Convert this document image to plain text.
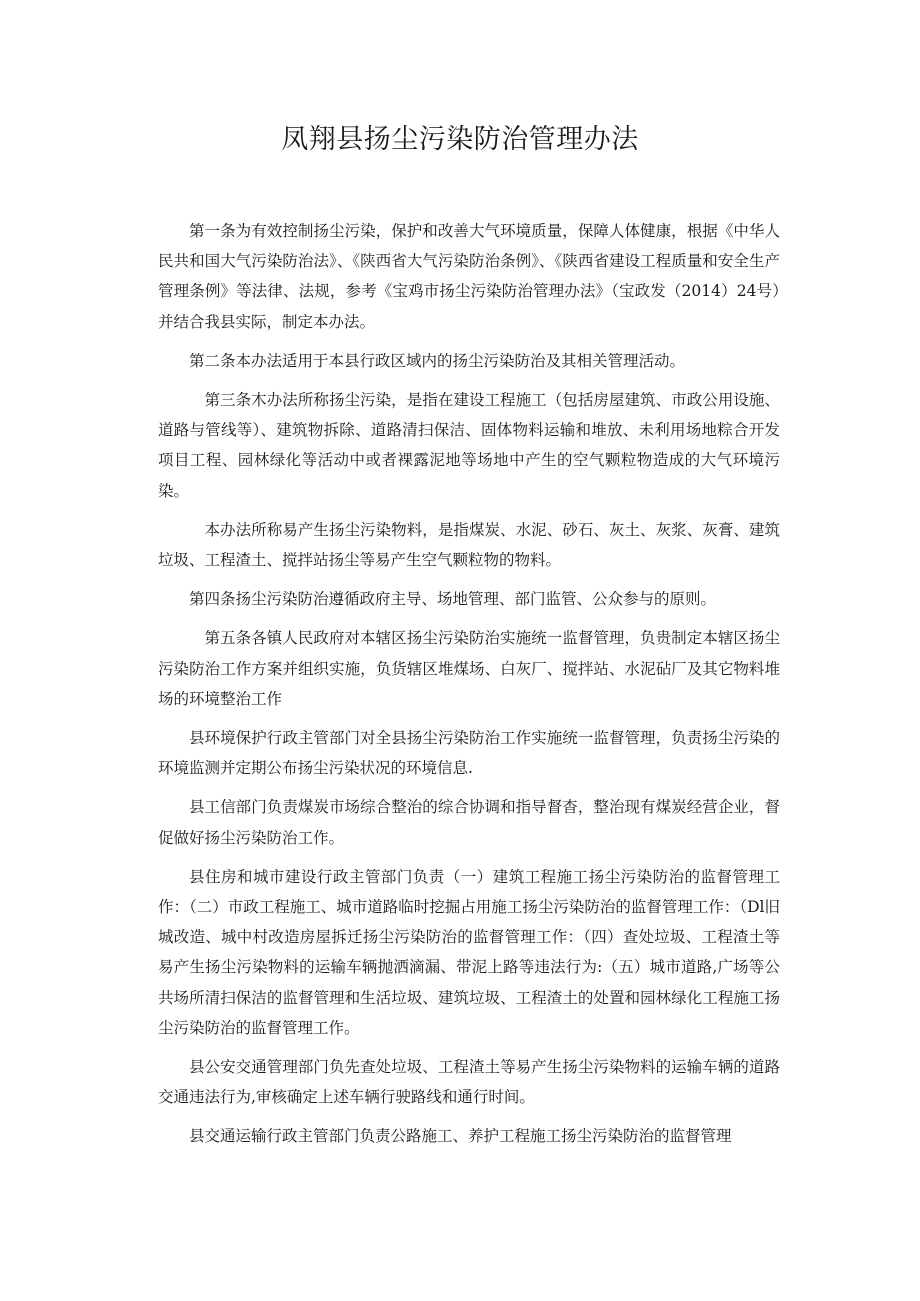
凤翔县扬尘污染防治管理办法

第一条为有效控制扬尘污染，保护和改善大气环境质量，保障人体健康，根据《中华人民共和国大气污染防治法》、《陕西省大气污染防治条例》、《陕西省建设工程质量和安全生产管理条例》等法律、法规，参考《宝鸡市扬尘污染防治管理办法》（宝政发（2014）24号）并结合我县实际，制定本办法。

第二条本办法适用于本县行政区域内的扬尘污染防治及其相关管理活动。

第三条木办法所称扬尘污染，是指在建设工程施工（包括房屋建筑、市政公用设施、道路与管线等）、建筑物拆除、道路清扫保洁、固体物料运输和堆放、未利用场地粽合开发项目工程、园林绿化等活动中或者裸露泥地等场地中产生的空气颗粒物造成的大气环境污染。

本办法所称易产生扬尘污染物料，是指煤炭、水泥、砂石、灰土、灰浆、灰膏、建筑垃圾、工程渣土、搅拌站扬尘等易产生空气颗粒物的物料。

第四条扬尘污染防治遵循政府主导、场地管理、部门监管、公众参与的原则。

第五条各镇人民政府对本辖区扬尘污染防治实施统一监督管理，负贵制定本辖区扬尘污染防治工作方案并组织实施，负货辖区堆煤场、白灰厂、搅拌站、水泥砧厂及其它物料堆场的环境整治工作

县环境保护行政主管部门对全县扬尘污染防治工作实施统一监督管理，负责扬尘污染的环境监测并定期公布扬尘污染状况的环境信息.

县工信部门负责煤炭市场综合整治的综合协调和指导督杳，整治现有煤炭经营企业，督促做好扬尘污染防治工作。

县住房和城市建设行政主管部门负责（一）建筑工程施工扬尘污染防治的监督管理工作：（二）市政工程施工、城市道路临时挖掘占用施工扬尘污染防治的监督管理工作：（Dl旧城改造、城中村改造房屋拆迁扬尘污染防治的监督管理工作：（四）查处垃圾、工程渣土等易产生扬尘污染物料的运输车辆抛洒滴漏、带泥上路等违法行为:（五）城市道路,广场等公共场所清扫保洁的监督管理和生活垃圾、建筑垃圾、工程渣土的处置和园林绿化工程施工扬尘污染防治的监督管理工作。

县公安交通管理部门负先查处垃圾、工程渣土等易产生扬尘污染物料的运输车辆的道路交通违法行为,审核确定上述车辆行驶路线和通行时间。

县交通运输行政主管部门负责公路施工、养护工程施工扬尘污染防治的监督管理
